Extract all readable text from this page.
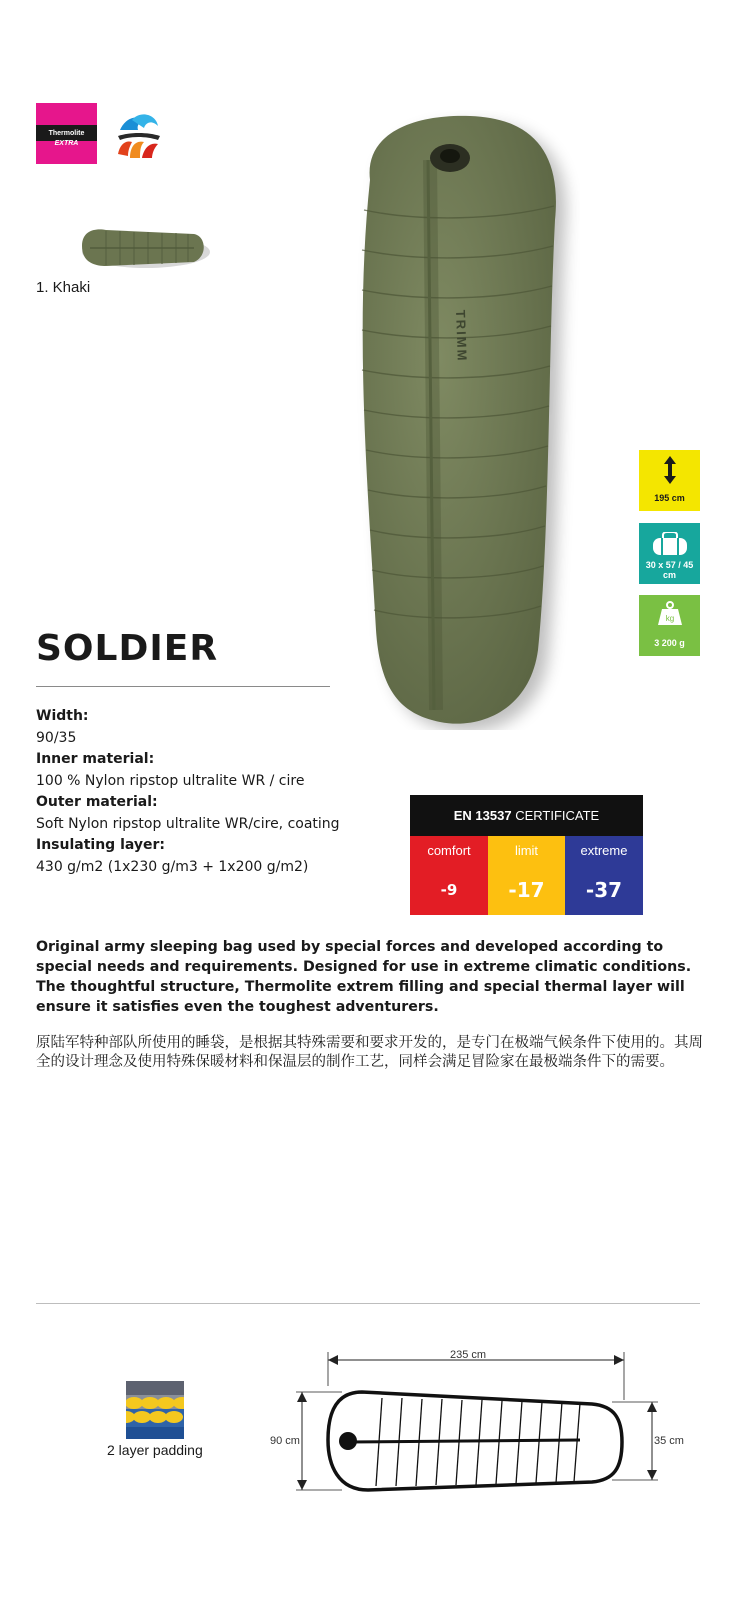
Thermolite
EXTRA
1. Khaki
TRIMM
195 cm
30 x 57 / 45 cm
kg
3 200 g
SOLDIER
Width:
90/35
Inner material:
100 % Nylon ripstop ultralite WR / cire
Outer material:
Soft Nylon ripstop ultralite WR/cire, coating
Insulating layer:
430 g/m2 (1x230 g/m3 + 1x200 g/m2)
EN 13537 CERTIFICATE
comfort	limit	extreme
-9	-17	-37
Original army sleeping bag used by special forces and developed according to special needs and requirements. Designed for use in extreme climatic conditions. The thoughtful structure, Thermolite extrem filling and special thermal layer will ensure it satisfies even the toughest adventurers.
原陆军特种部队所使用的睡袋，是根据其特殊需要和要求开发的，是专门在极端气候条件下使用的。其周全的设计理念及使用特殊保暖材料和保温层的制作工艺，同样会满足冒险家在最极端条件下的需要。
2 layer padding
235 cm
90 cm	35 cm
